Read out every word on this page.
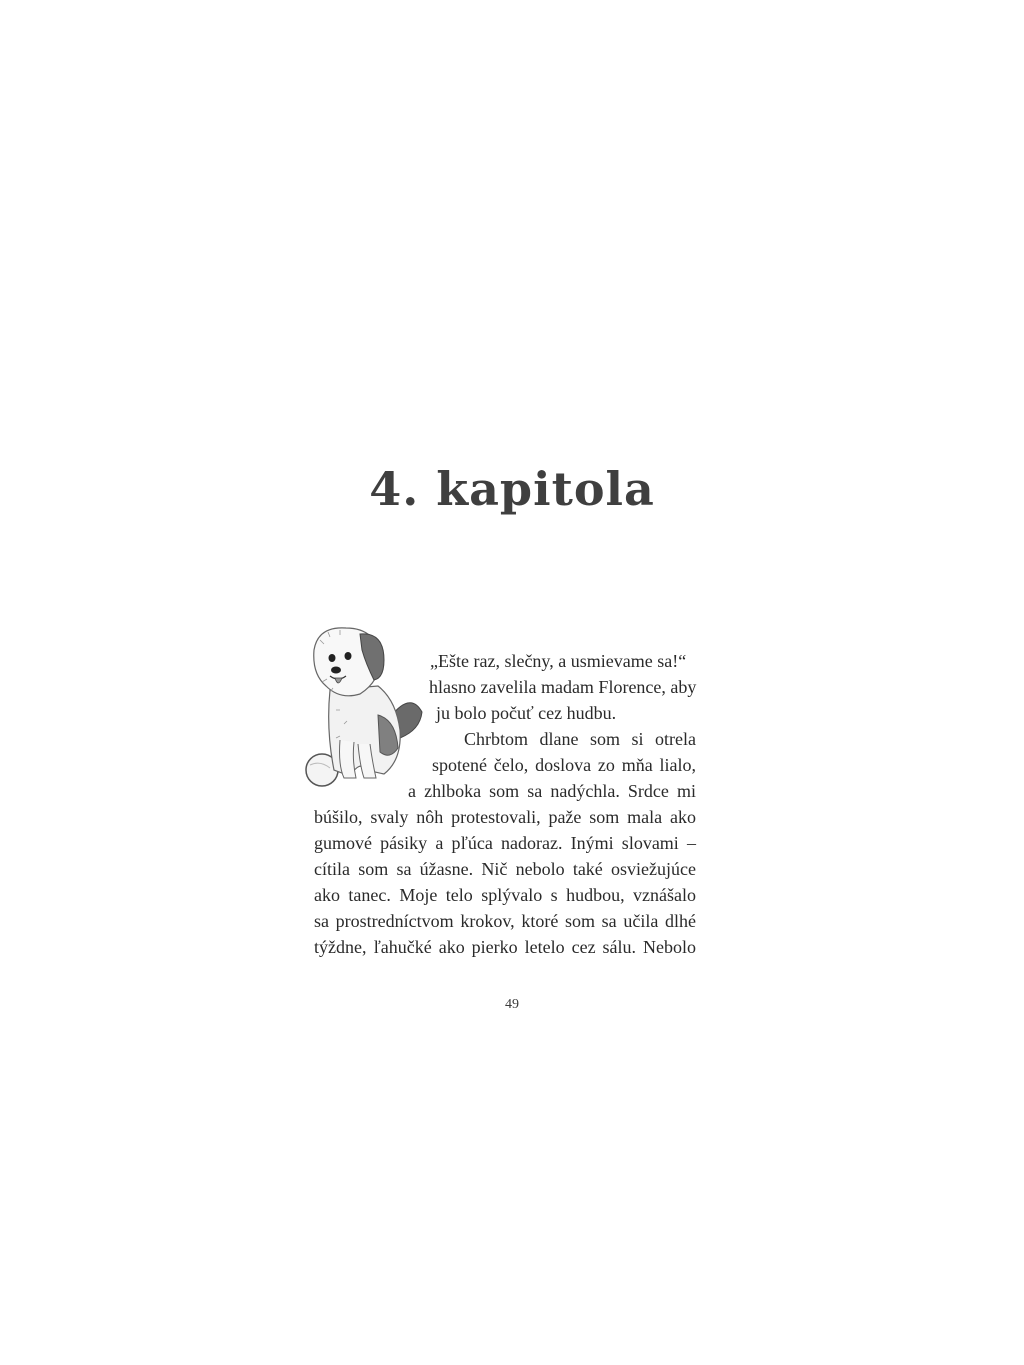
4. kapitola
„Ešte raz, slečny, a usmievame sa!“
hlasno zavelila madam Florence, aby
ju bolo počuť cez hudbu.
Chrbtom dlane som si otrela
spotené čelo, doslova zo mňa lialo,
a zhlboka som sa nadýchla. Srdce mi
búšilo, svaly nôh protestovali, paže som mala ako
gumové pásiky a pľúca nadoraz. Inými slovami –
cítila som sa úžasne. Nič nebolo také osviežujúce
ako tanec. Moje telo splývalo s hudbou, vznášalo
sa prostredníctvom krokov, ktoré som sa učila dlhé
týždne, ľahučké ako pierko letelo cez sálu. Nebolo
49
